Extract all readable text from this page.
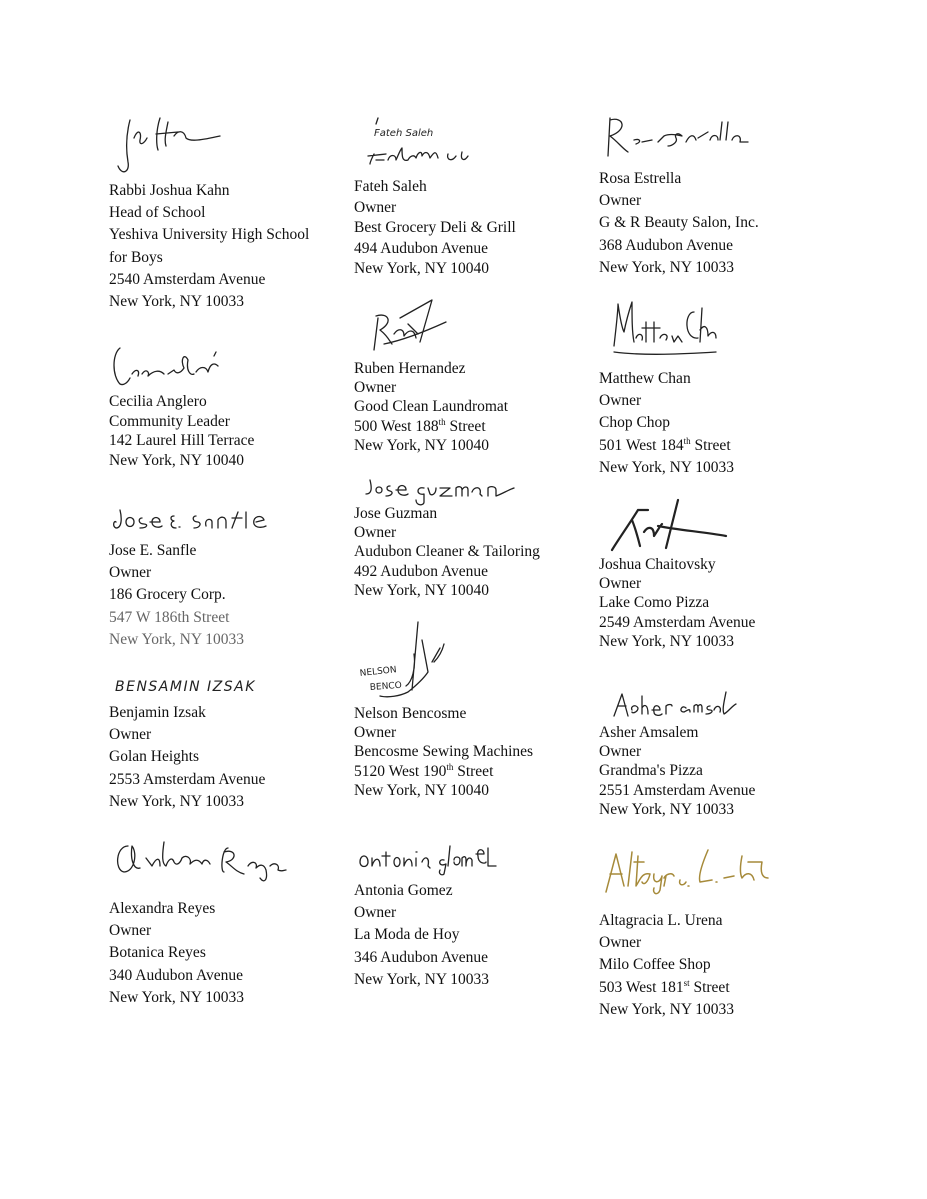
Rabbi Joshua Kahn
Head of School
Yeshiva University High School
for Boys
2540 Amsterdam Avenue
New York, NY 10033
Cecilia Anglero
Community Leader
142 Laurel Hill Terrace
New York, NY 10040
Jose E. Sanfle
Owner
186 Grocery Corp.
547 W 186th Street
New York, NY 10033
BENSAMIN IZSAK
Benjamin Izsak
Owner
Golan Heights
2553 Amsterdam Avenue
New York, NY 10033
Alexandra Reyes
Owner
Botanica Reyes
340 Audubon Avenue
New York, NY 10033
Fateh Saleh
Fateh Saleh
Owner
Best Grocery Deli & Grill
494 Audubon Avenue
New York, NY 10040
Ruben Hernandez
Owner
Good Clean Laundromat
500 West 188th Street
New York, NY 10040
Jose Guzman
Owner
Audubon Cleaner & Tailoring
492 Audubon Avenue
New York, NY 10040
NELSON
BENCO
Nelson Bencosme
Owner
Bencosme Sewing Machines
5120 West 190th Street
New York, NY 10040
Antonia Gomez
Owner
La Moda de Hoy
346 Audubon Avenue
New York, NY 10033
Rosa Estrella
Owner
G & R Beauty Salon, Inc.
368 Audubon Avenue
New York, NY 10033
Matthew Chan
Owner
Chop Chop
501 West 184th Street
New York, NY 10033
Joshua Chaitovsky
Owner
Lake Como Pizza
2549 Amsterdam Avenue
New York, NY 10033
Asher Amsalem
Owner
Grandma's Pizza
2551 Amsterdam Avenue
New York, NY 10033
Altagracia L. Urena
Owner
Milo Coffee Shop
503 West 181st Street
New York, NY 10033
